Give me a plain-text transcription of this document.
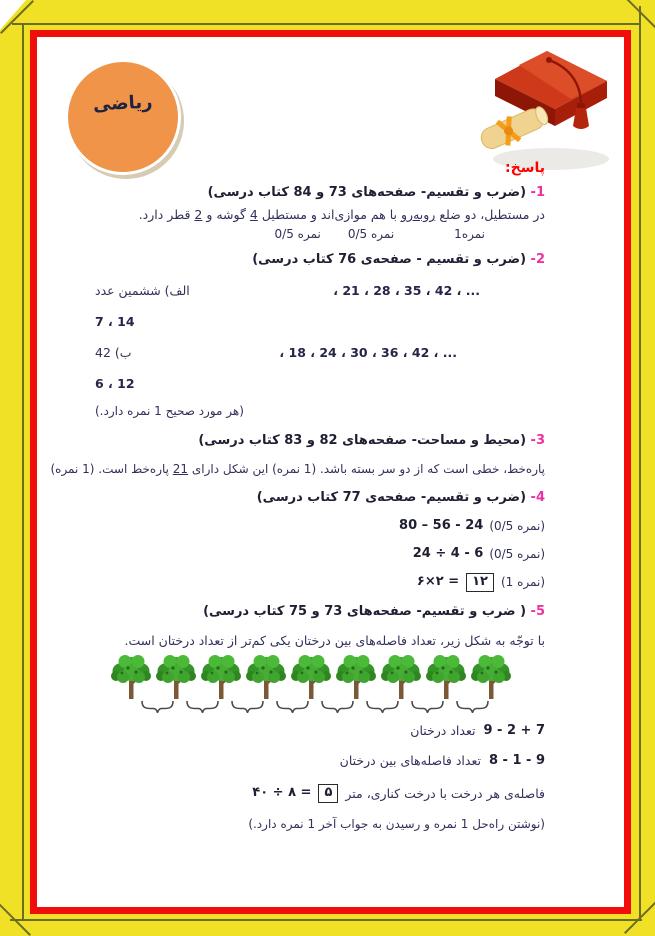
ریاضی
پاسخ:
1- (ضرب و تقسیم- صفحه‌های 73 و 84 کتاب درسی)
در مستطیل، دو ضلع روبه‌رو با هم موازی‌اند و مستطیل 4 گوشه و 2 قطر دارد.
0/5 نمره 0/5 نمره	1نمره
2- (ضرب و تقسیم - صفحه‌ی 76 کتاب درسی)
الف) ششمین عدد	، 21 ، 28 ، 35 ، 42 ، ...
7 ، 14
ب) 42	، 18 ، 24 ، 30 ، 36 ، 42 ، ...
6 ، 12
(هر مورد صحیح 1 نمره دارد.)
3- (محیط و مساحت- صفحه‌های 82 و 83 کتاب درسی)
پاره‌خط، خطی است که از دو سر بسته باشد. (1 نمره) این شکل دارای 21 پاره‌خط است. (1 نمره)
4- (ضرب و تقسیم- صفحه‌ی 77 کتاب درسی)
80 – 56 - 24 (0/5 نمره)
24 ÷ 4 - 6 (0/5 نمره)
۶×۲ =	۱۲	(1 نمره)
5- ( ضرب و تقسیم- صفحه‌های 73 و 75 کتاب درسی)
با توجّه به شکل زیر، تعداد فاصله‌های بین درختان یکی کم‌تر از تعداد درختان است.
تعداد درختان 9 - 2 + 7
تعداد فاصله‌های بین درختان 8 - 1 - 9
۴۰ ÷ ۸ =	۵	فاصله‌ی هر درخت با درخت کناری، متر
(نوشتن راه‌حل 1 نمره و رسیدن به جواب آخر 1 نمره دارد.)
